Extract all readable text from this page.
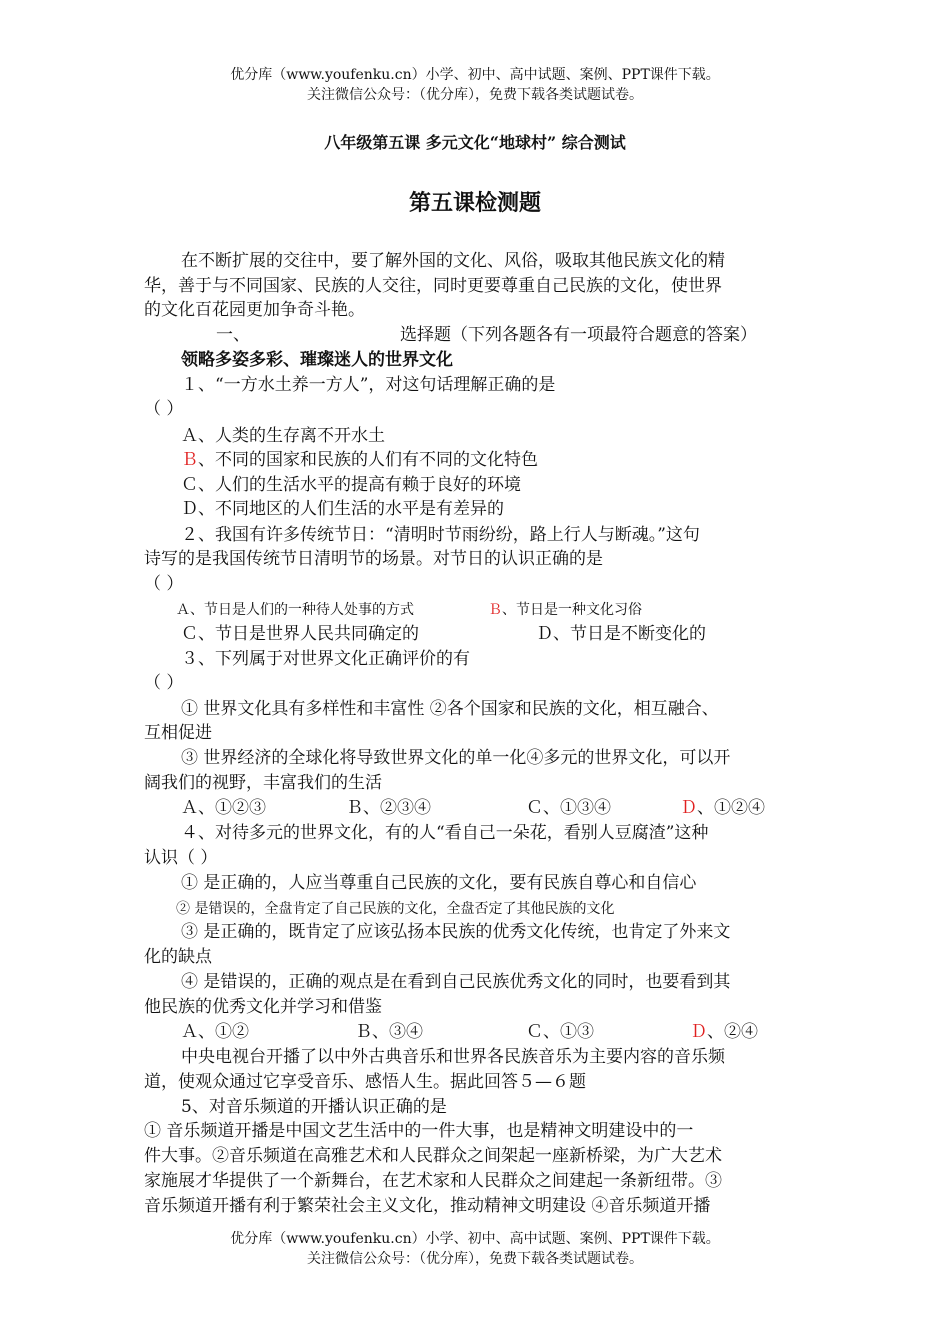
优分库（www.youfenku.cn）小学、初中、高中试题、案例、PPT课件下载。
关注微信公众号：（优分库），免费下载各类试题试卷。
八年级第五课 多元文化“地球村” 综合测试
第五课检测题
在不断扩展的交往中，要了解外国的文化、风俗，吸取其他民族文化的精
华，善于与不同国家、民族的人交往，同时更要尊重自己民族的文化，使世界
的文化百花园更加争奇斗艳。
一、	选择题（下列各题各有一项最符合题意的答案）
领略多姿多彩、璀璨迷人的世界文化
１、“一方水土养一方人”，对这句话理解正确的是
（ ）
Ａ、人类的生存离不开水土
Ｂ、不同的国家和民族的人们有不同的文化特色
Ｃ、人们的生活水平的提高有赖于良好的环境
Ｄ、不同地区的人们生活的水平是有差异的
２、我国有许多传统节日：“清明时节雨纷纷，路上行人与断魂。”这句
诗写的是我国传统节日清明节的场景。对节日的认识正确的是
（ ）
Ａ、节日是人们的一种待人处事的方式	Ｂ、节日是一种文化习俗
Ｃ、节日是世界人民共同确定的	Ｄ、节日是不断变化的
３、下列属于对世界文化正确评价的有
（ ）
① 世界文化具有多样性和丰富性 ②各个国家和民族的文化，相互融合、
互相促进
③ 世界经济的全球化将导致世界文化的单一化④多元的世界文化，可以开
阔我们的视野，丰富我们的生活
Ａ、①②③	Ｂ、②③④	Ｃ、①③④	Ｄ、①②④
４、对待多元的世界文化，有的人“看自己一朵花，看别人豆腐渣”这种
认识（ ）
① 是正确的，人应当尊重自己民族的文化，要有民族自尊心和自信心
② 是错误的，全盘肯定了自己民族的文化，全盘否定了其他民族的文化
③ 是正确的，既肯定了应该弘扬本民族的优秀文化传统，也肯定了外来文
化的缺点
④ 是错误的，正确的观点是在看到自己民族优秀文化的同时，也要看到其
他民族的优秀文化并学习和借鉴
Ａ、①②	Ｂ、③④	Ｃ、①③	Ｄ、②④
中央电视台开播了以中外古典音乐和世界各民族音乐为主要内容的音乐频
道，使观众通过它享受音乐、感悟人生。据此回答５—６题
5、对音乐频道的开播认识正确的是
① 音乐频道开播是中国文艺生活中的一件大事，也是精神文明建设中的一
件大事。②音乐频道在高雅艺术和人民群众之间架起一座新桥梁，为广大艺术
家施展才华提供了一个新舞台，在艺术家和人民群众之间建起一条新纽带。③
音乐频道开播有利于繁荣社会主义文化，推动精神文明建设 ④音乐频道开播
优分库（www.youfenku.cn）小学、初中、高中试题、案例、PPT课件下载。
关注微信公众号：（优分库），免费下载各类试题试卷。
